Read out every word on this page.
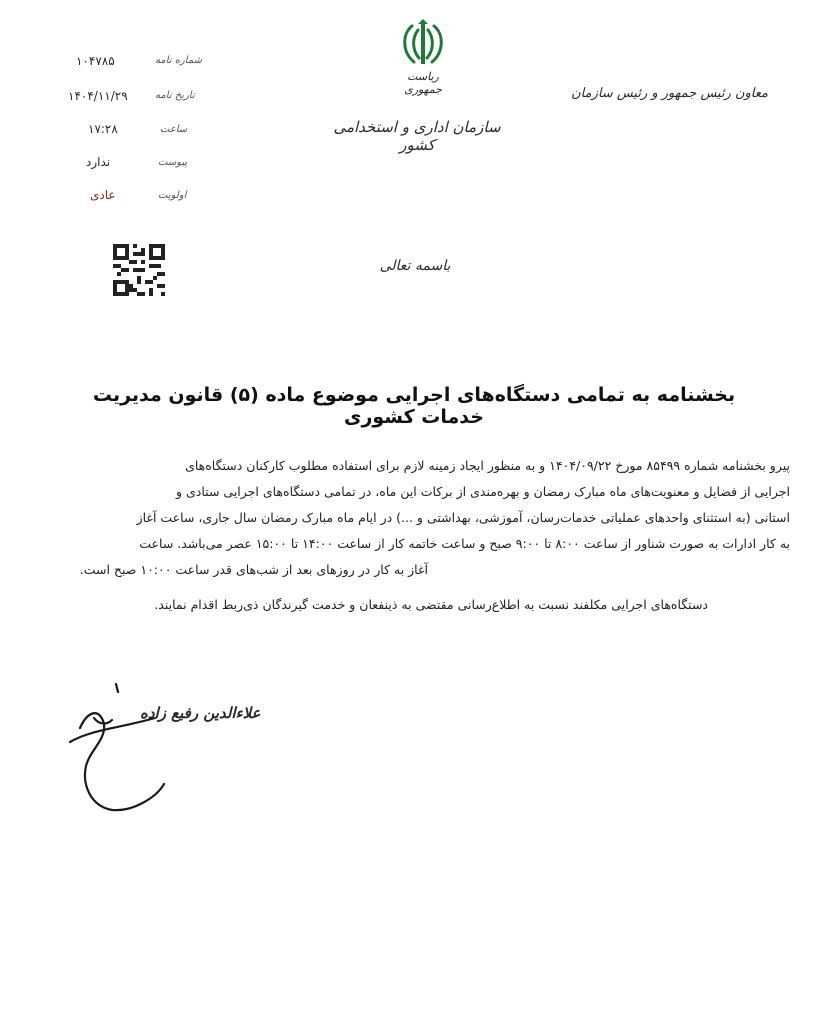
معاون رئیس جمهور و رئیس سازمان
ریاست جمهوری
سازمان اداری و استخدامی کشور
شماره نامه
۱۰۴۷۸۵
تاریخ نامه
۱۴۰۴/۱۱/۲۹
ساعت
۱۷:۲۸
پیوست
ندارد
اولویت
عادی
باسمه تعالی
بخشنامه به تمامی دستگاه‌های اجرایی موضوع ماده (۵) قانون مدیریت خدمات کشوری
پیرو بخشنامه شماره ۸۵۴۹۹ مورخ ۱۴۰۴/۰۹/۲۲ و به منظور ایجاد زمینه لازم برای استفاده مطلوب کارکنان دستگاه‌های
اجرایی از فضایل و معنویت‌های ماه مبارک رمضان و بهره‌مندی از برکات این ماه، در تمامی دستگاه‌های اجرایی ستادی و
استانی (به استثنای واحدهای عملیاتی خدمات‌رسان، آموزشی، بهداشتی و ...) در ایام ماه مبارک رمضان سال جاری، ساعت آغاز
به کار ادارات به صورت شناور از ساعت ۸:۰۰ تا ۹:۰۰ صبح و ساعت خاتمه کار از ساعت ۱۴:۰۰ تا ۱۵:۰۰ عصر می‌باشد. ساعت
آغاز به کار در روزهای بعد از شب‌های قدر ساعت ۱۰:۰۰ صبح است.
دستگاه‌های اجرایی مکلفند نسبت به اطلاع‌رسانی مقتضی به ذینفعان و خدمت گیرندگان ذی‌ربط اقدام نمایند.
علاءالدین رفیع زاده
